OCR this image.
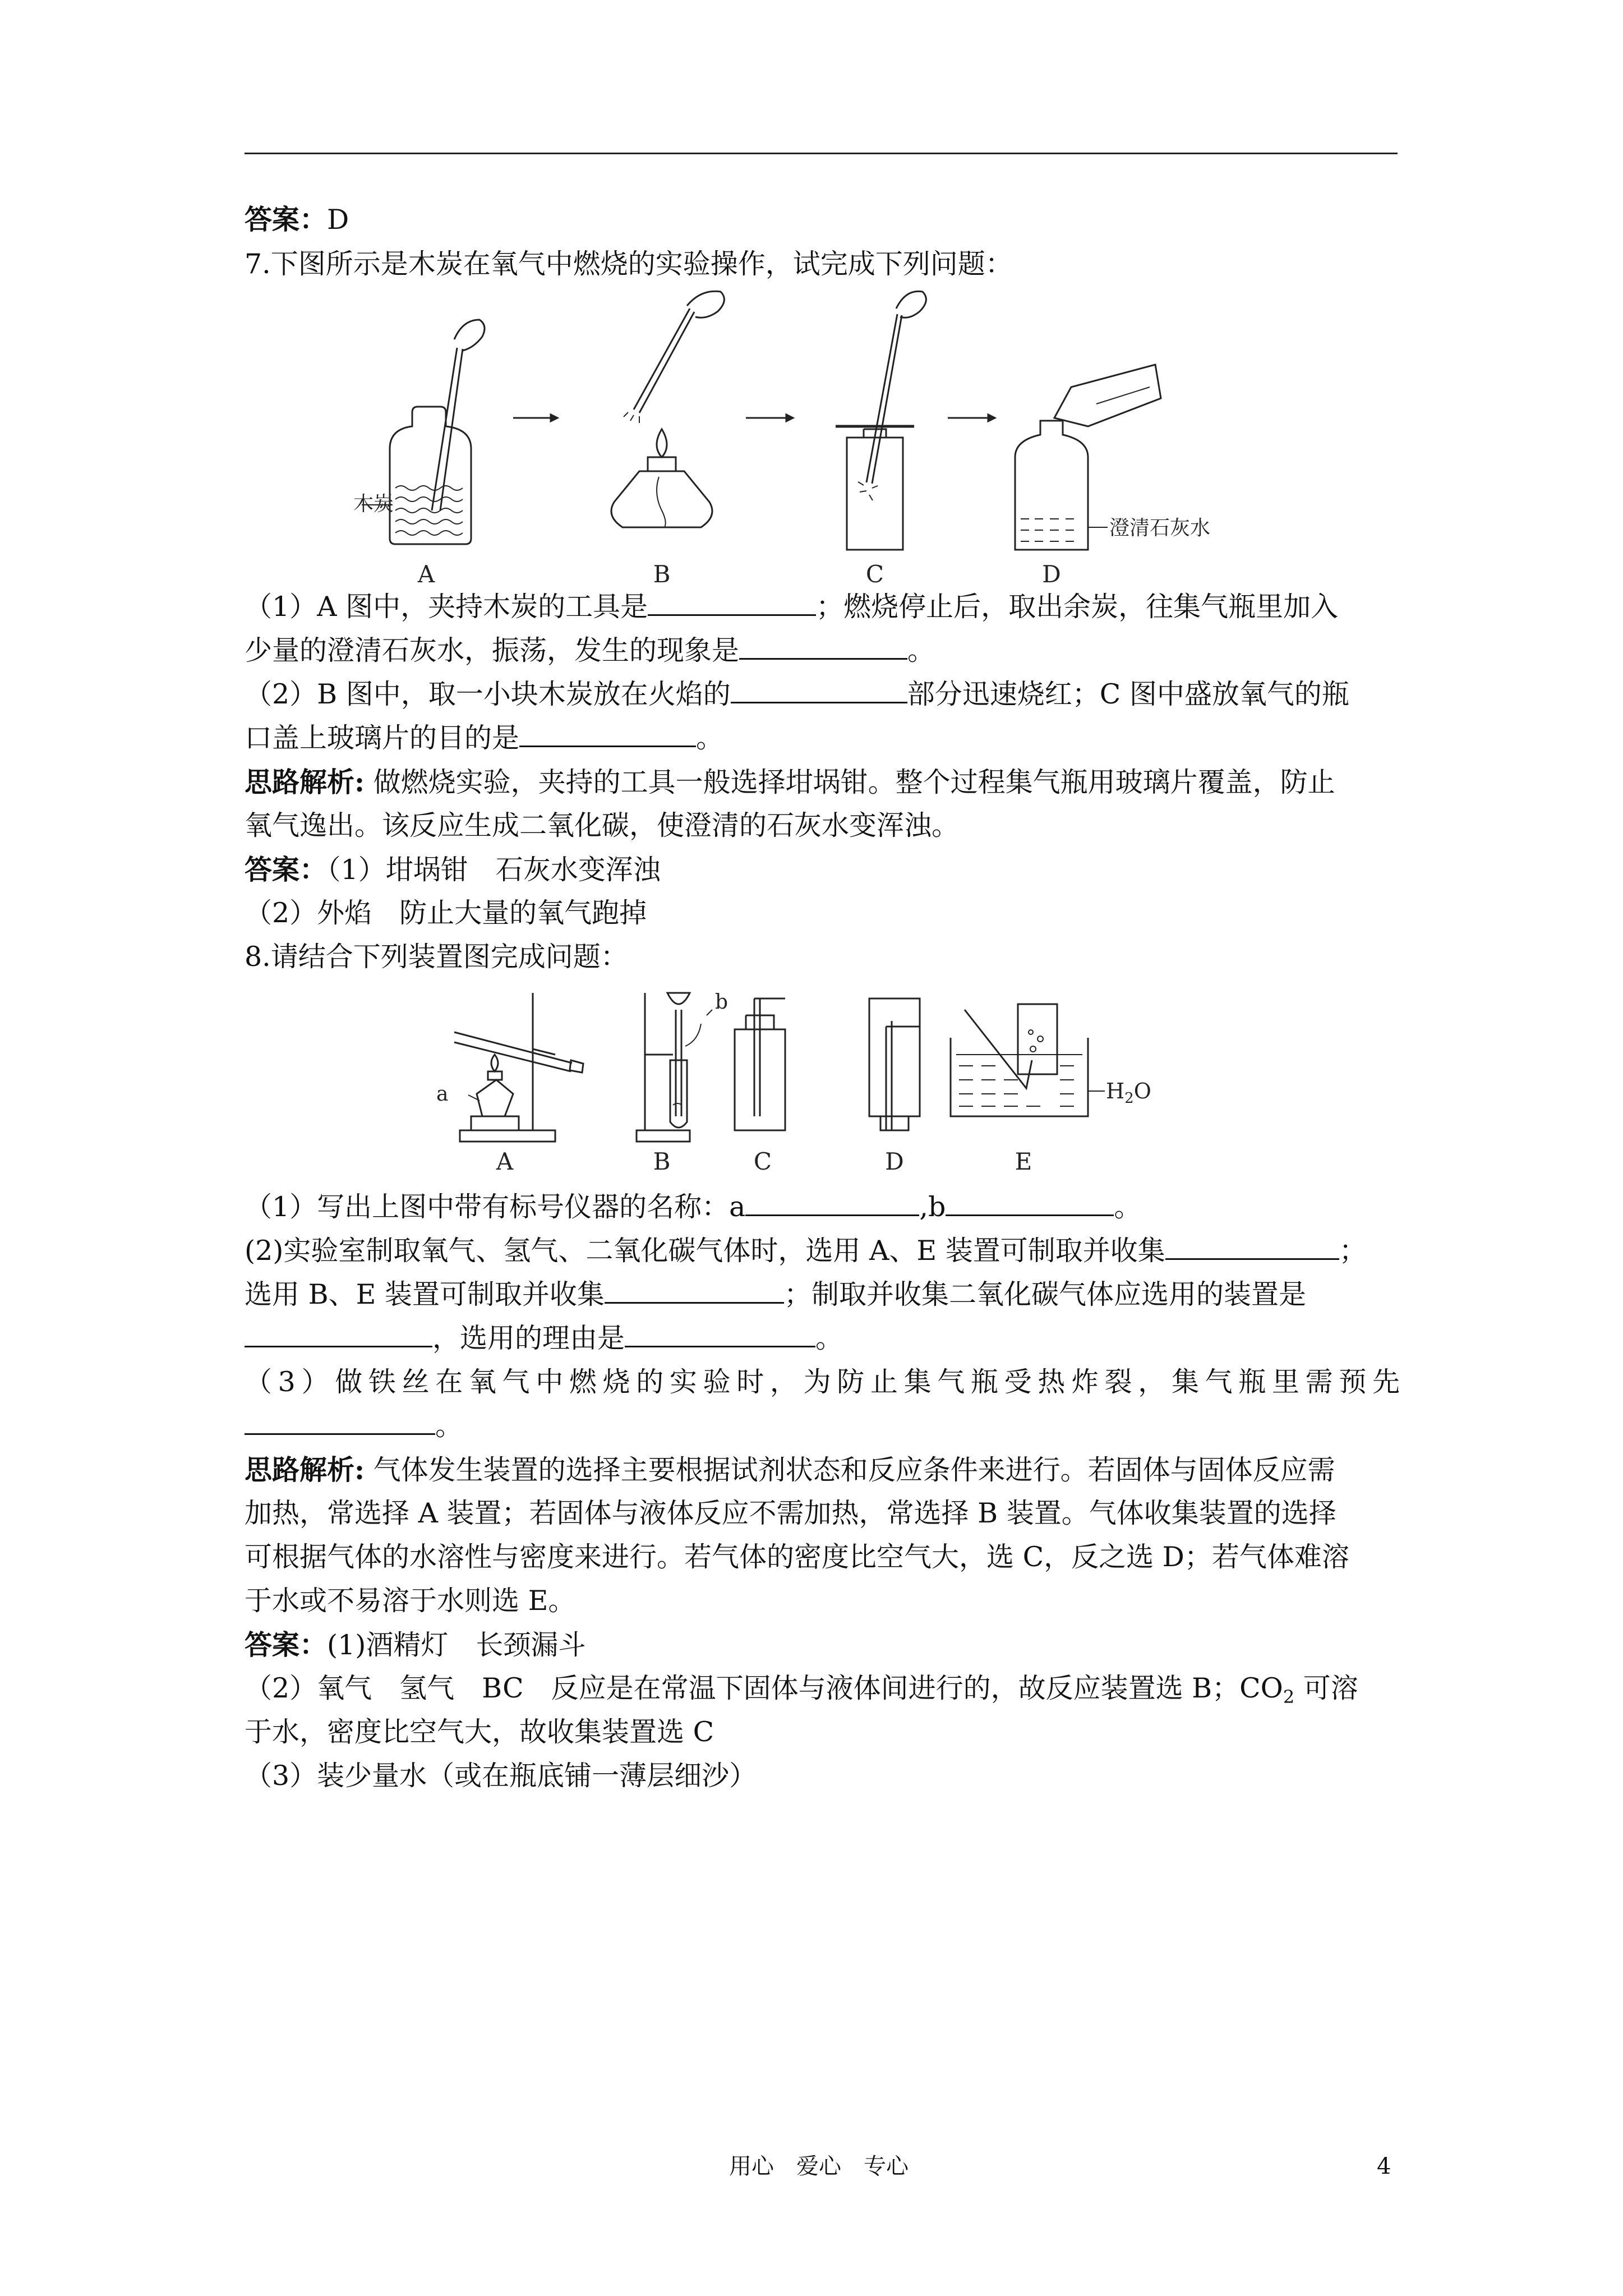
答案：D
7.下图所示是木炭在氧气中燃烧的实验操作，试完成下列问题：
木炭
澄清石灰水
A	B	C	D
（1）A 图中，夹持木炭的工具是	；燃烧停止后，取出余炭，往集气瓶里加入
少量的澄清石灰水，振荡，发生的现象是	。
（2）B 图中，取一小块木炭放在火焰的	部分迅速烧红；C 图中盛放氧气的瓶
口盖上玻璃片的目的是	。
思路解析: 做燃烧实验，夹持的工具一般选择坩埚钳。整个过程集气瓶用玻璃片覆盖，防止
氧气逸出。该反应生成二氧化碳，使澄清的石灰水变浑浊。
答案：（1）坩埚钳　石灰水变浑浊
（2）外焰　防止大量的氧气跑掉
8.请结合下列装置图完成问题：
a
b
$H_2O$
A	B	C	D	E
（1）写出上图中带有标号仪器的名称：a	,b	。
(2)实验室制取氧气、氢气、二氧化碳气体时，选用 A、E 装置可制取并收集	；
选用 B、E 装置可制取并收集	；制取并收集二氧化碳气体应选用的装置是
，选用的理由是	。
（3）做铁丝在氧气中燃烧的实验时，为防止集气瓶受热炸裂，集气瓶里需预先
。
思路解析: 气体发生装置的选择主要根据试剂状态和反应条件来进行。若固体与固体反应需
加热，常选择 A 装置；若固体与液体反应不需加热，常选择 B 装置。气体收集装置的选择
可根据气体的水溶性与密度来进行。若气体的密度比空气大，选 C，反之选 D；若气体难溶
于水或不易溶于水则选 E。
答案：(1)酒精灯　长颈漏斗
（2）氧气　氢气　BC　反应是在常温下固体与液体间进行的，故反应装置选 B；$CO_2$ 可溶
于水，密度比空气大，故收集装置选 C
（3）装少量水（或在瓶底铺一薄层细沙）
用心　爱心　专心	4
